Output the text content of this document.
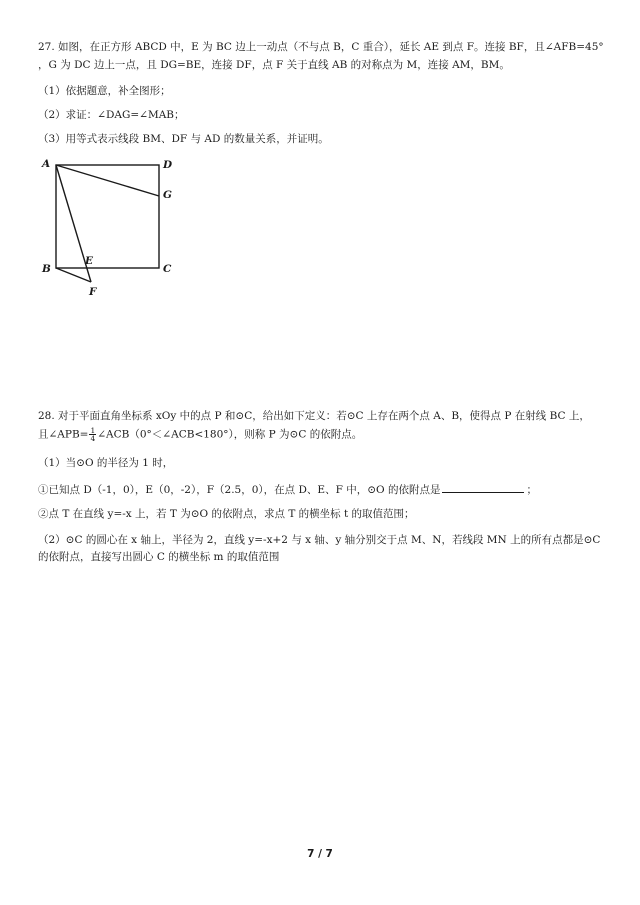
27. 如图，在正方形 ABCD 中，E 为 BC 边上一动点（不与点 B，C 重合），延长 AE 到点 F。连接 BF，且∠AFB=45°
，G 为 DC 边上一点，且 DG=BE，连接 DF，点 F 关于直线 AB 的对称点为 M，连接 AM，BM。
（1）依据题意，补全图形；
（2）求证：∠DAG=∠MAB；
（3）用等式表示线段 BM、DF 与 AD 的数量关系，并证明。
A	D
G
B
E
C
F
28. 对于平面直角坐标系 xOy 中的点 P 和⊙C，给出如下定义：若⊙C 上存在两个点 A、B，使得点 P 在射线 BC 上，
且∠APB= $\frac{1}{4}$ ∠ACB（0°＜∠ACB<180°），则称 P 为⊙C 的依附点。
（1）当⊙O 的半径为 1 时，
①已知点 D（-1，0），E（0，-2），F（2.5，0），在点 D、E、F 中，⊙O 的依附点是	；
②点 T 在直线 y=-x 上，若 T 为⊙O 的依附点，求点 T 的横坐标 t 的取值范围；
（2）⊙C 的圆心在 x 轴上，半径为 2，直线 y=-x+2 与 x 轴、y 轴分别交于点 M、N，若线段 MN 上的所有点都是⊙C
的依附点，直接写出圆心 C 的横坐标 m 的取值范围
7 / 7
